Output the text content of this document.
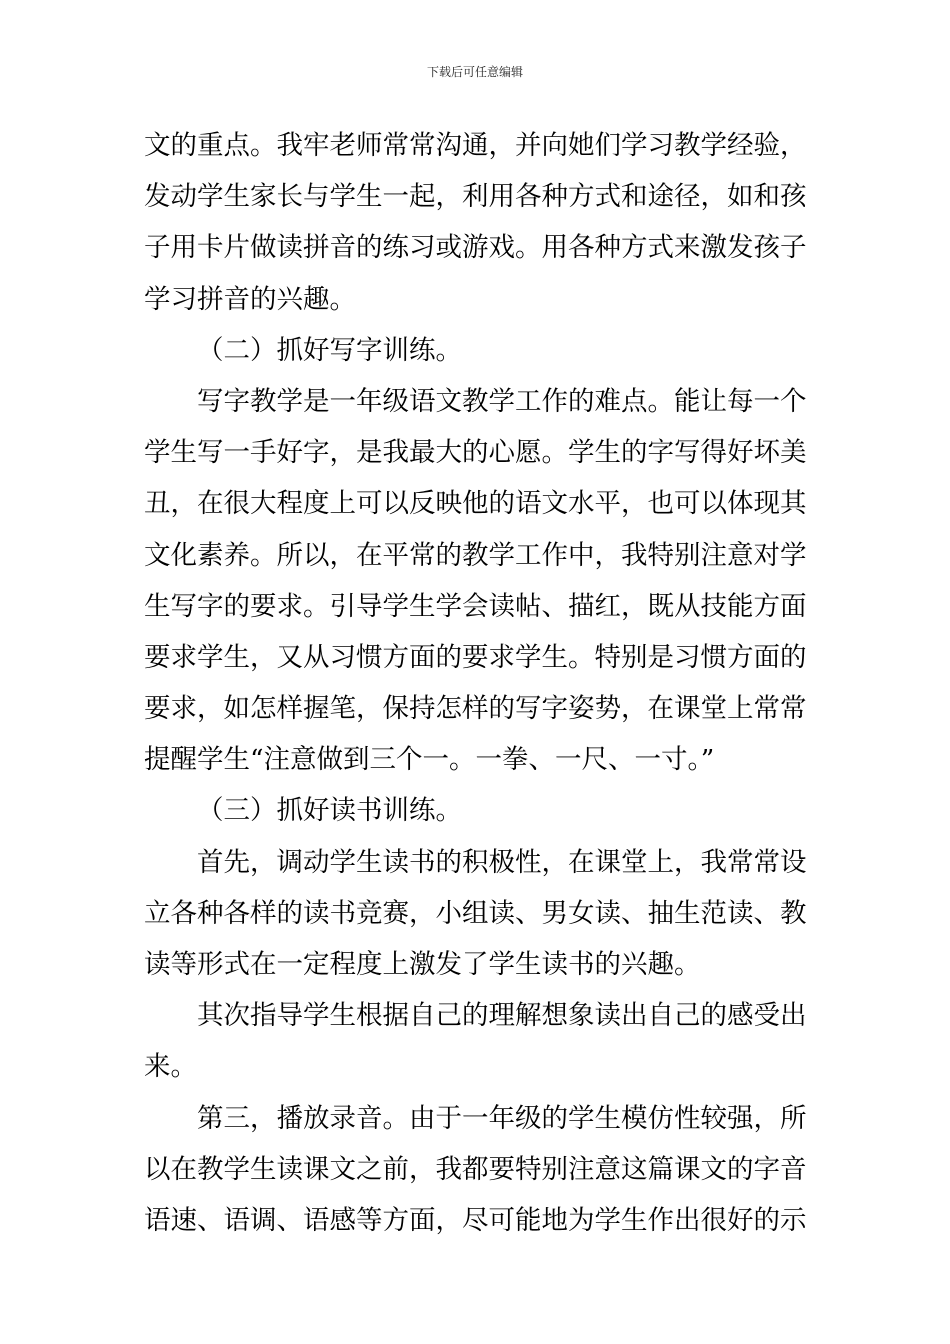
下载后可任意编辑
文的重点。我牢老师常常沟通，并向她们学习教学经验，
发动学生家长与学生一起，利用各种方式和途径，如和孩
子用卡片做读拼音的练习或游戏。用各种方式来激发孩子
学习拼音的兴趣。
（二）抓好写字训练。
写字教学是一年级语文教学工作的难点。能让每一个
学生写一手好字，是我最大的心愿。学生的字写得好坏美
丑，在很大程度上可以反映他的语文水平，也可以体现其
文化素养。所以，在平常的教学工作中，我特别注意对学
生写字的要求。引导学生学会读帖、描红，既从技能方面
要求学生，又从习惯方面的要求学生。特别是习惯方面的
要求，如怎样握笔，保持怎样的写字姿势，在课堂上常常
提醒学生“注意做到三个一。一拳、一尺、一寸。”
（三）抓好读书训练。
首先，调动学生读书的积极性，在课堂上，我常常设
立各种各样的读书竞赛，小组读、男女读、抽生范读、教
读等形式在一定程度上激发了学生读书的兴趣。
其次指导学生根据自己的理解想象读出自己的感受出
来。
第三，播放录音。由于一年级的学生模仿性较强，所
以在教学生读课文之前，我都要特别注意这篇课文的字音
语速、语调、语感等方面，尽可能地为学生作出很好的示
